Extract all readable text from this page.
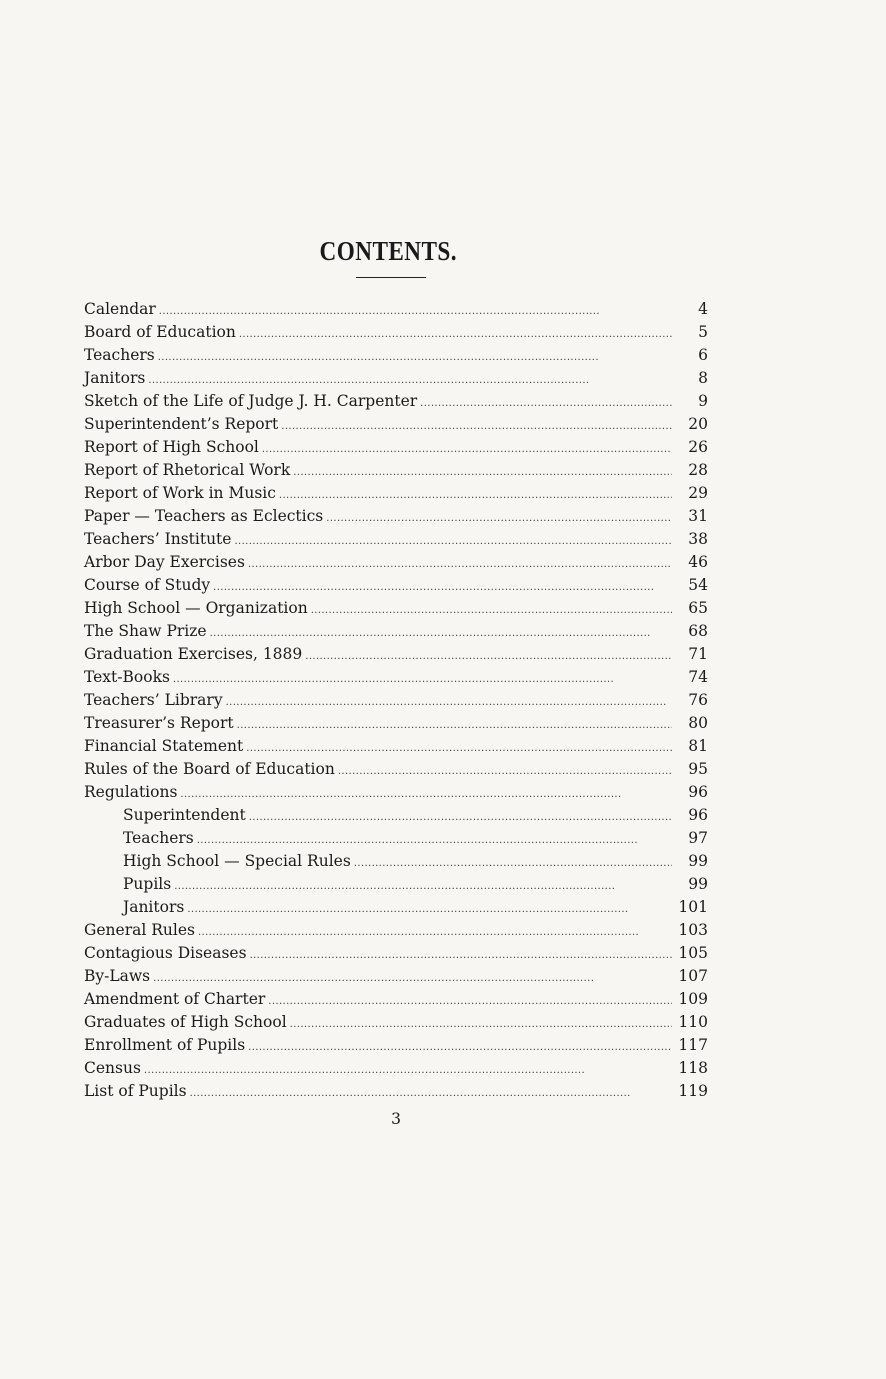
CONTENTS.
Calendar . . .	4
Board of Education . . .	5
Teachers . . .	6
Janitors . . .	8
Sketch of the Life of Judge J. H. Carpenter . . .	9
Superintendent’s Report . . .	20
Report of High School . . .	26
Report of Rhetorical Work . . .	28
Report of Work in Music . . .	29
Paper — Teachers as Eclectics . . .	31
Teachers’ Institute . . .	38
Arbor Day Exercises . . .	46
Course of Study . . .	54
High School — Organization . . .	65
The Shaw Prize . . .	68
Graduation Exercises, 1889 . . .	71
Text-Books . . .	74
Teachers’ Library . . .	76
Treasurer’s Report . . .	80
Financial Statement . . .	81
Rules of the Board of Education . . .	95
Regulations . . .	96
Superintendent . . .	96
Teachers . . .	97
High School — Special Rules . . .	99
Pupils . . .	99
Janitors . . .	101
General Rules . . .	103
Contagious Diseases . . .	105
By-Laws . . .	107
Amendment of Charter . . .	109
Graduates of High School . . .	110
Enrollment of Pupils . . .	117
Census . . .	118
List of Pupils . . .	119
3
